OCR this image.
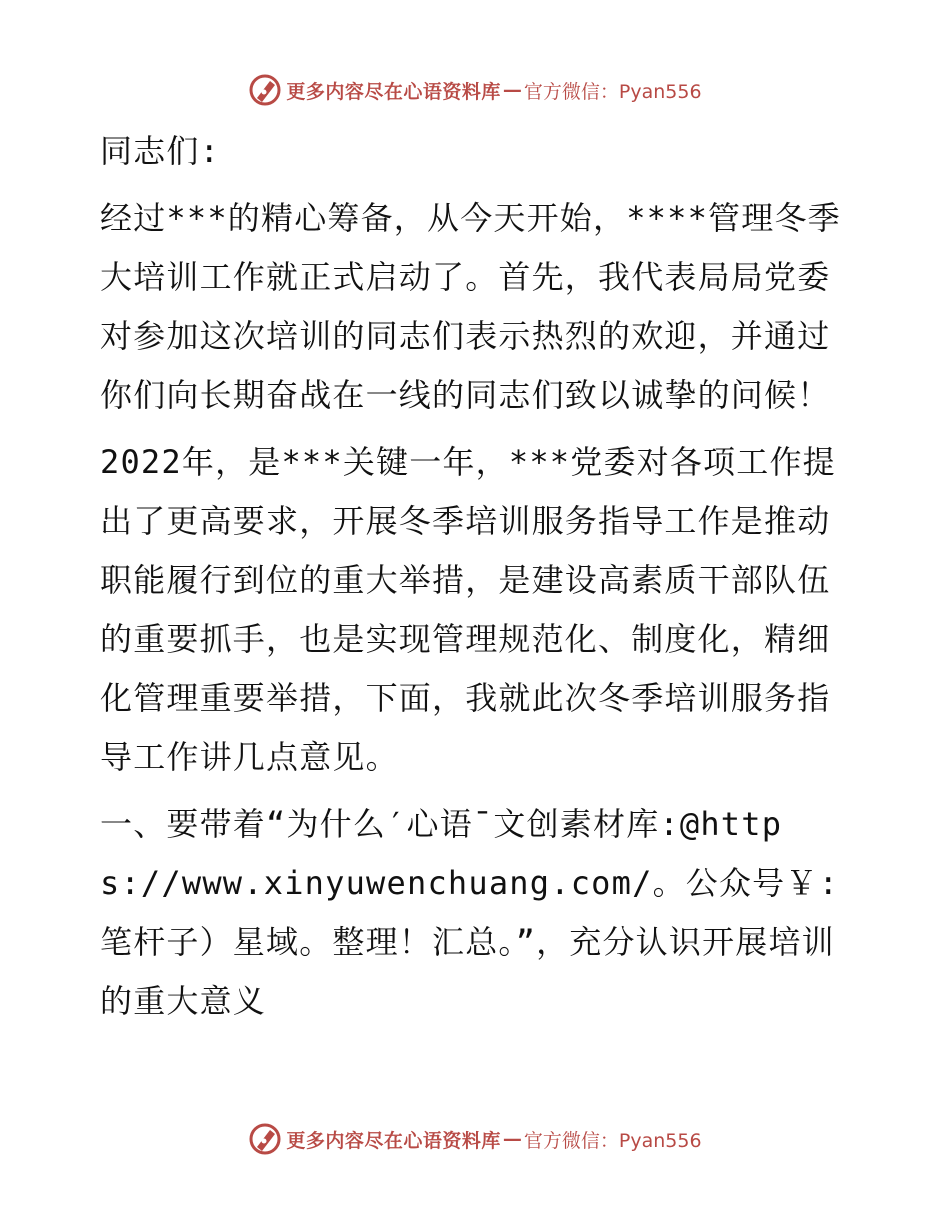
更多内容尽在心语资料库 — 官方微信：Pyan556

同志们:

经过***的精心筹备，从今天开始，****管理冬季大培训工作就正式启动了。首先，我代表局局党委对参加这次培训的同志们表示热烈的欢迎，并通过你们向长期奋战在一线的同志们致以诚挚的问候！

2022年，是***关键一年，***党委对各项工作提出了更高要求，开展冬季培训服务指导工作是推动职能履行到位的重大举措，是建设高素质干部队伍的重要抓手，也是实现管理规范化、制度化，精细化管理重要举措，下面，我就此次冬季培训服务指导工作讲几点意见。

一、要带着“为什么′心语¯文创素材库:@https://www.xinyuwenchuang.com/。公众号￥:笔杆子）星域。整理！汇总。”，充分认识开展培训的重大意义

更多内容尽在心语资料库 — 官方微信：Pyan556
